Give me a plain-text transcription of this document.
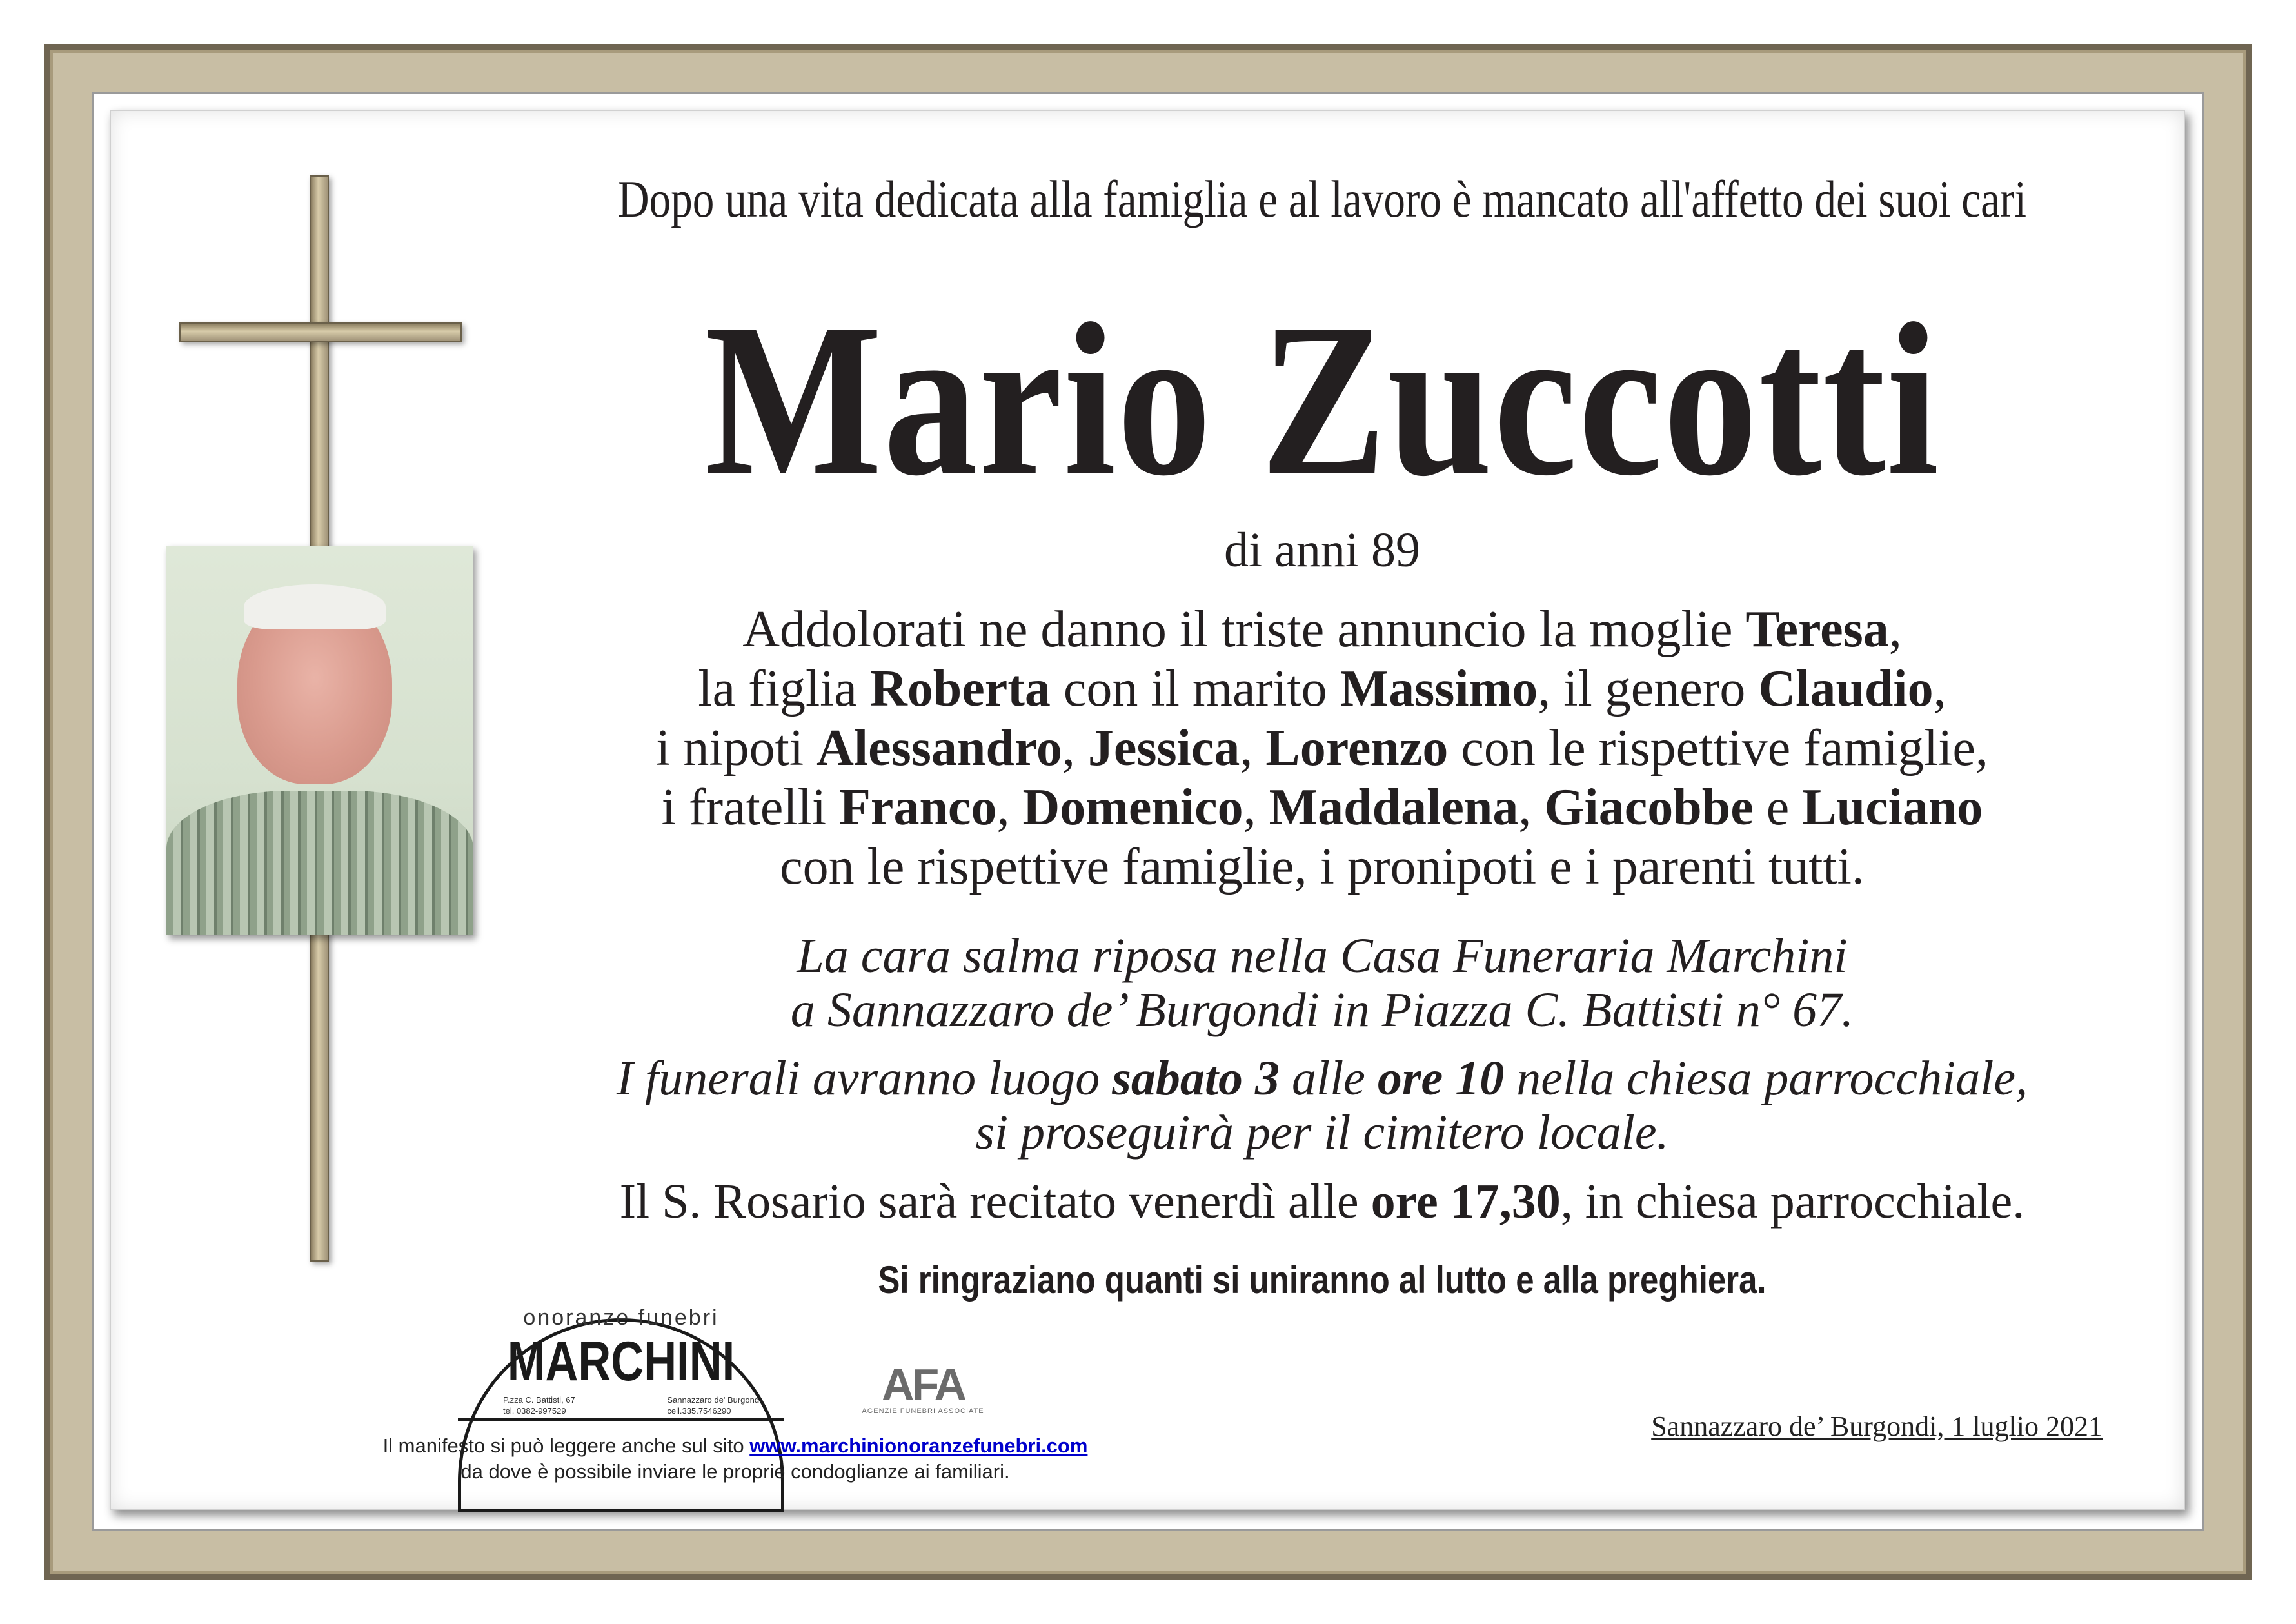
Dopo una vita dedicata alla famiglia e al lavoro è mancato all'affetto dei suoi cari

Mario Zuccotti

di anni 89

Addolorati ne danno il triste annuncio la moglie Teresa,
la figlia Roberta con il marito Massimo, il genero Claudio,
i nipoti Alessandro, Jessica, Lorenzo con le rispettive famiglie,
i fratelli Franco, Domenico, Maddalena, Giacobbe e Luciano
con le rispettive famiglie, i pronipoti e i parenti tutti.
La cara salma riposa nella Casa Funeraria Marchini
a Sannazzaro de’ Burgondi in Piazza C. Battisti n° 67.
I funerali avranno luogo sabato 3 alle ore 10 nella chiesa parrocchiale,
si proseguirà per il cimitero locale.
Il S. Rosario sarà recitato venerdì alle ore 17,30, in chiesa parrocchiale.

Si ringraziano quanti si uniranno al lutto e alla preghiera.

onoranze funebri
MARCHINI
P.zza C. Battisti, 67
tel. 0382-997529
Sannazzaro de' Burgondi
cell.335.7546290
AFA
AGENZIE FUNEBRI ASSOCIATE
Il manifesto si può leggere anche sul sito www.marchinionoranzefunebri.com
da dove è possibile inviare le proprie condoglianze ai familiari.
Sannazzaro de’ Burgondi, 1 luglio 2021
